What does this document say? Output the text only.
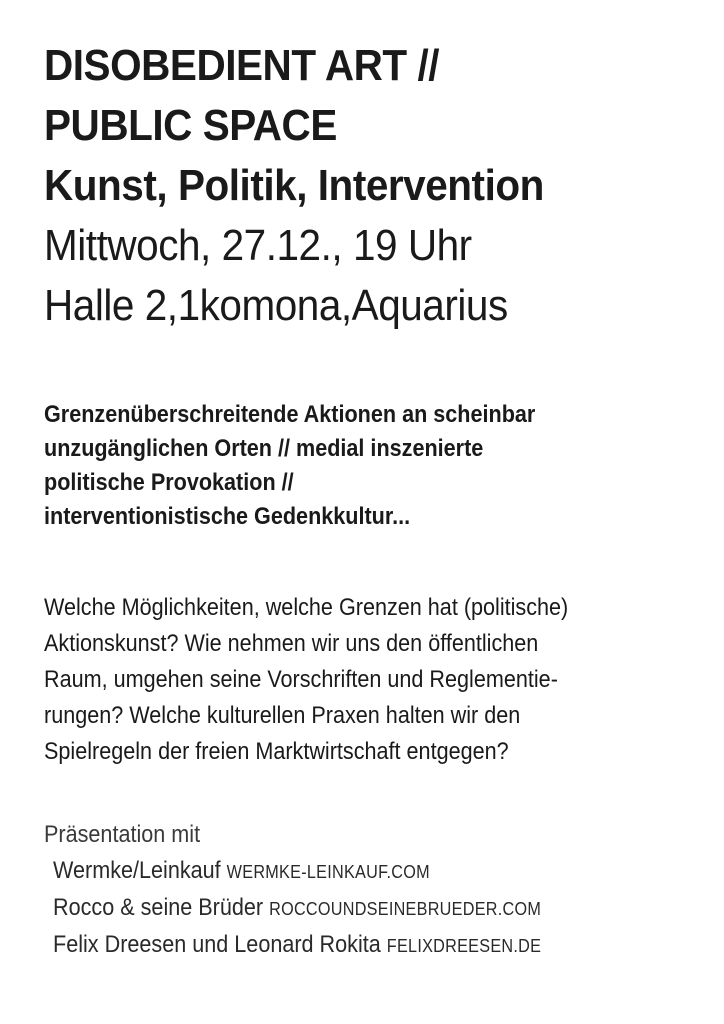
DISOBEDIENT ART //
PUBLIC SPACE
Kunst, Politik, Intervention

Mittwoch, 27.12., 19 Uhr

Halle 2,1komona,Aquarius

Grenzenüberschreitende Aktionen an scheinbar
unzugänglichen Orten // medial inszenierte
politische Provokation //
interventionistische Gedenkkultur...

Welche Möglichkeiten, welche Grenzen hat (politische)
Aktionskunst? Wie nehmen wir uns den öffentlichen
Raum, umgehen seine Vorschriften und Reglementie-
rungen? Welche kulturellen Praxen halten wir den
Spielregeln der freien Marktwirtschaft entgegen?

Präsentation mit
Wermke/Leinkauf WERMKE-LEINKAUF.COM
Rocco & seine Brüder ROCCOUNDSEINEBRUEDER.COM
Felix Dreesen und Leonard Rokita FELIXDREESEN.DE
